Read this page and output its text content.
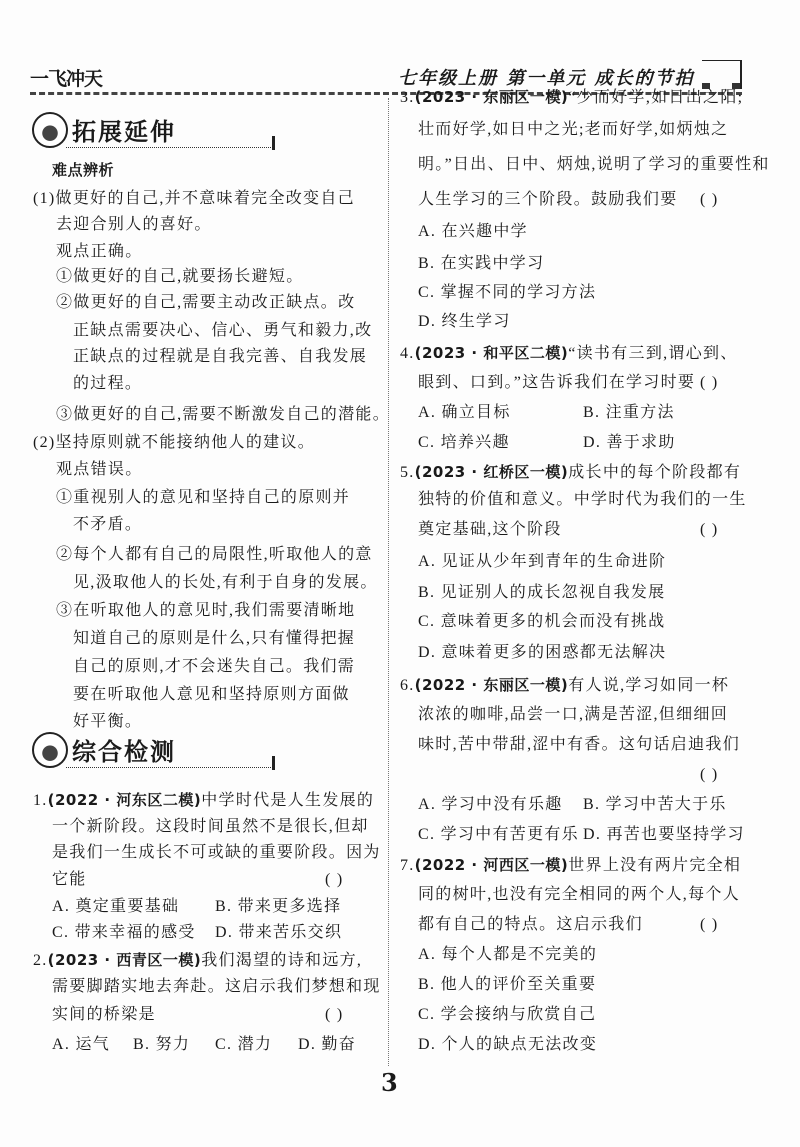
一飞冲天	七年级上册 第一单元 成长的节拍
拓展延伸
难点辨析
综合检测
(1)做更好的自己,并不意味着完全改变自己
去迎合别人的喜好。
观点正确。
①做更好的自己,就要扬长避短。
②做更好的自己,需要主动改正缺点。改
正缺点需要决心、信心、勇气和毅力,改
正缺点的过程就是自我完善、自我发展
的过程。
③做更好的自己,需要不断激发自己的潜能。
(2)坚持原则就不能接纳他人的建议。
观点错误。
①重视别人的意见和坚持自己的原则并
不矛盾。
②每个人都有自己的局限性,听取他人的意
见,汲取他人的长处,有利于自身的发展。
③在听取他人的意见时,我们需要清晰地
知道自己的原则是什么,只有懂得把握
自己的原则,才不会迷失自己。我们需
要在听取他人意见和坚持原则方面做
好平衡。
1.(2022 · 河东区二模)中学时代是人生发展的
一个新阶段。这段时间虽然不是很长,但却
是我们一生成长不可或缺的重要阶段。因为
它能	( )
A. 奠定重要基础 B. 带来更多选择
C. 带来幸福的感受 D. 带来苦乐交织
2.(2023 · 西青区一模)我们渴望的诗和远方,
需要脚踏实地去奔赴。这启示我们梦想和现
实间的桥梁是	( )
A. 运气 B. 努力 C. 潜力 D. 勤奋
3.(2023 · 东丽区一模)“少而好学,如日出之阳;
壮而好学,如日中之光;老而好学,如炳烛之
明。”日出、日中、炳烛,说明了学习的重要性和
人生学习的三个阶段。鼓励我们要 ( )
A. 在兴趣中学
B. 在实践中学习
C. 掌握不同的学习方法
D. 终生学习
4.(2023 · 和平区二模)“读书有三到,谓心到、
眼到、口到。”这告诉我们在学习时要 ( )
A. 确立目标	B. 注重方法
C. 培养兴趣	D. 善于求助
5.(2023 · 红桥区一模)成长中的每个阶段都有
独特的价值和意义。中学时代为我们的一生
奠定基础,这个阶段	( )
A. 见证从少年到青年的生命进阶
B. 见证别人的成长忽视自我发展
C. 意味着更多的机会而没有挑战
D. 意味着更多的困惑都无法解决
6.(2022 · 东丽区一模)有人说,学习如同一杯
浓浓的咖啡,品尝一口,满是苦涩,但细细回
味时,苦中带甜,涩中有香。这句话启迪我们
( )
A. 学习中没有乐趣 B. 学习中苦大于乐
C. 学习中有苦更有乐 D. 再苦也要坚持学习
7.(2022 · 河西区一模)世界上没有两片完全相
同的树叶,也没有完全相同的两个人,每个人
都有自己的特点。这启示我们	( )
A. 每个人都是不完美的
B. 他人的评价至关重要
C. 学会接纳与欣赏自己
D. 个人的缺点无法改变
3
